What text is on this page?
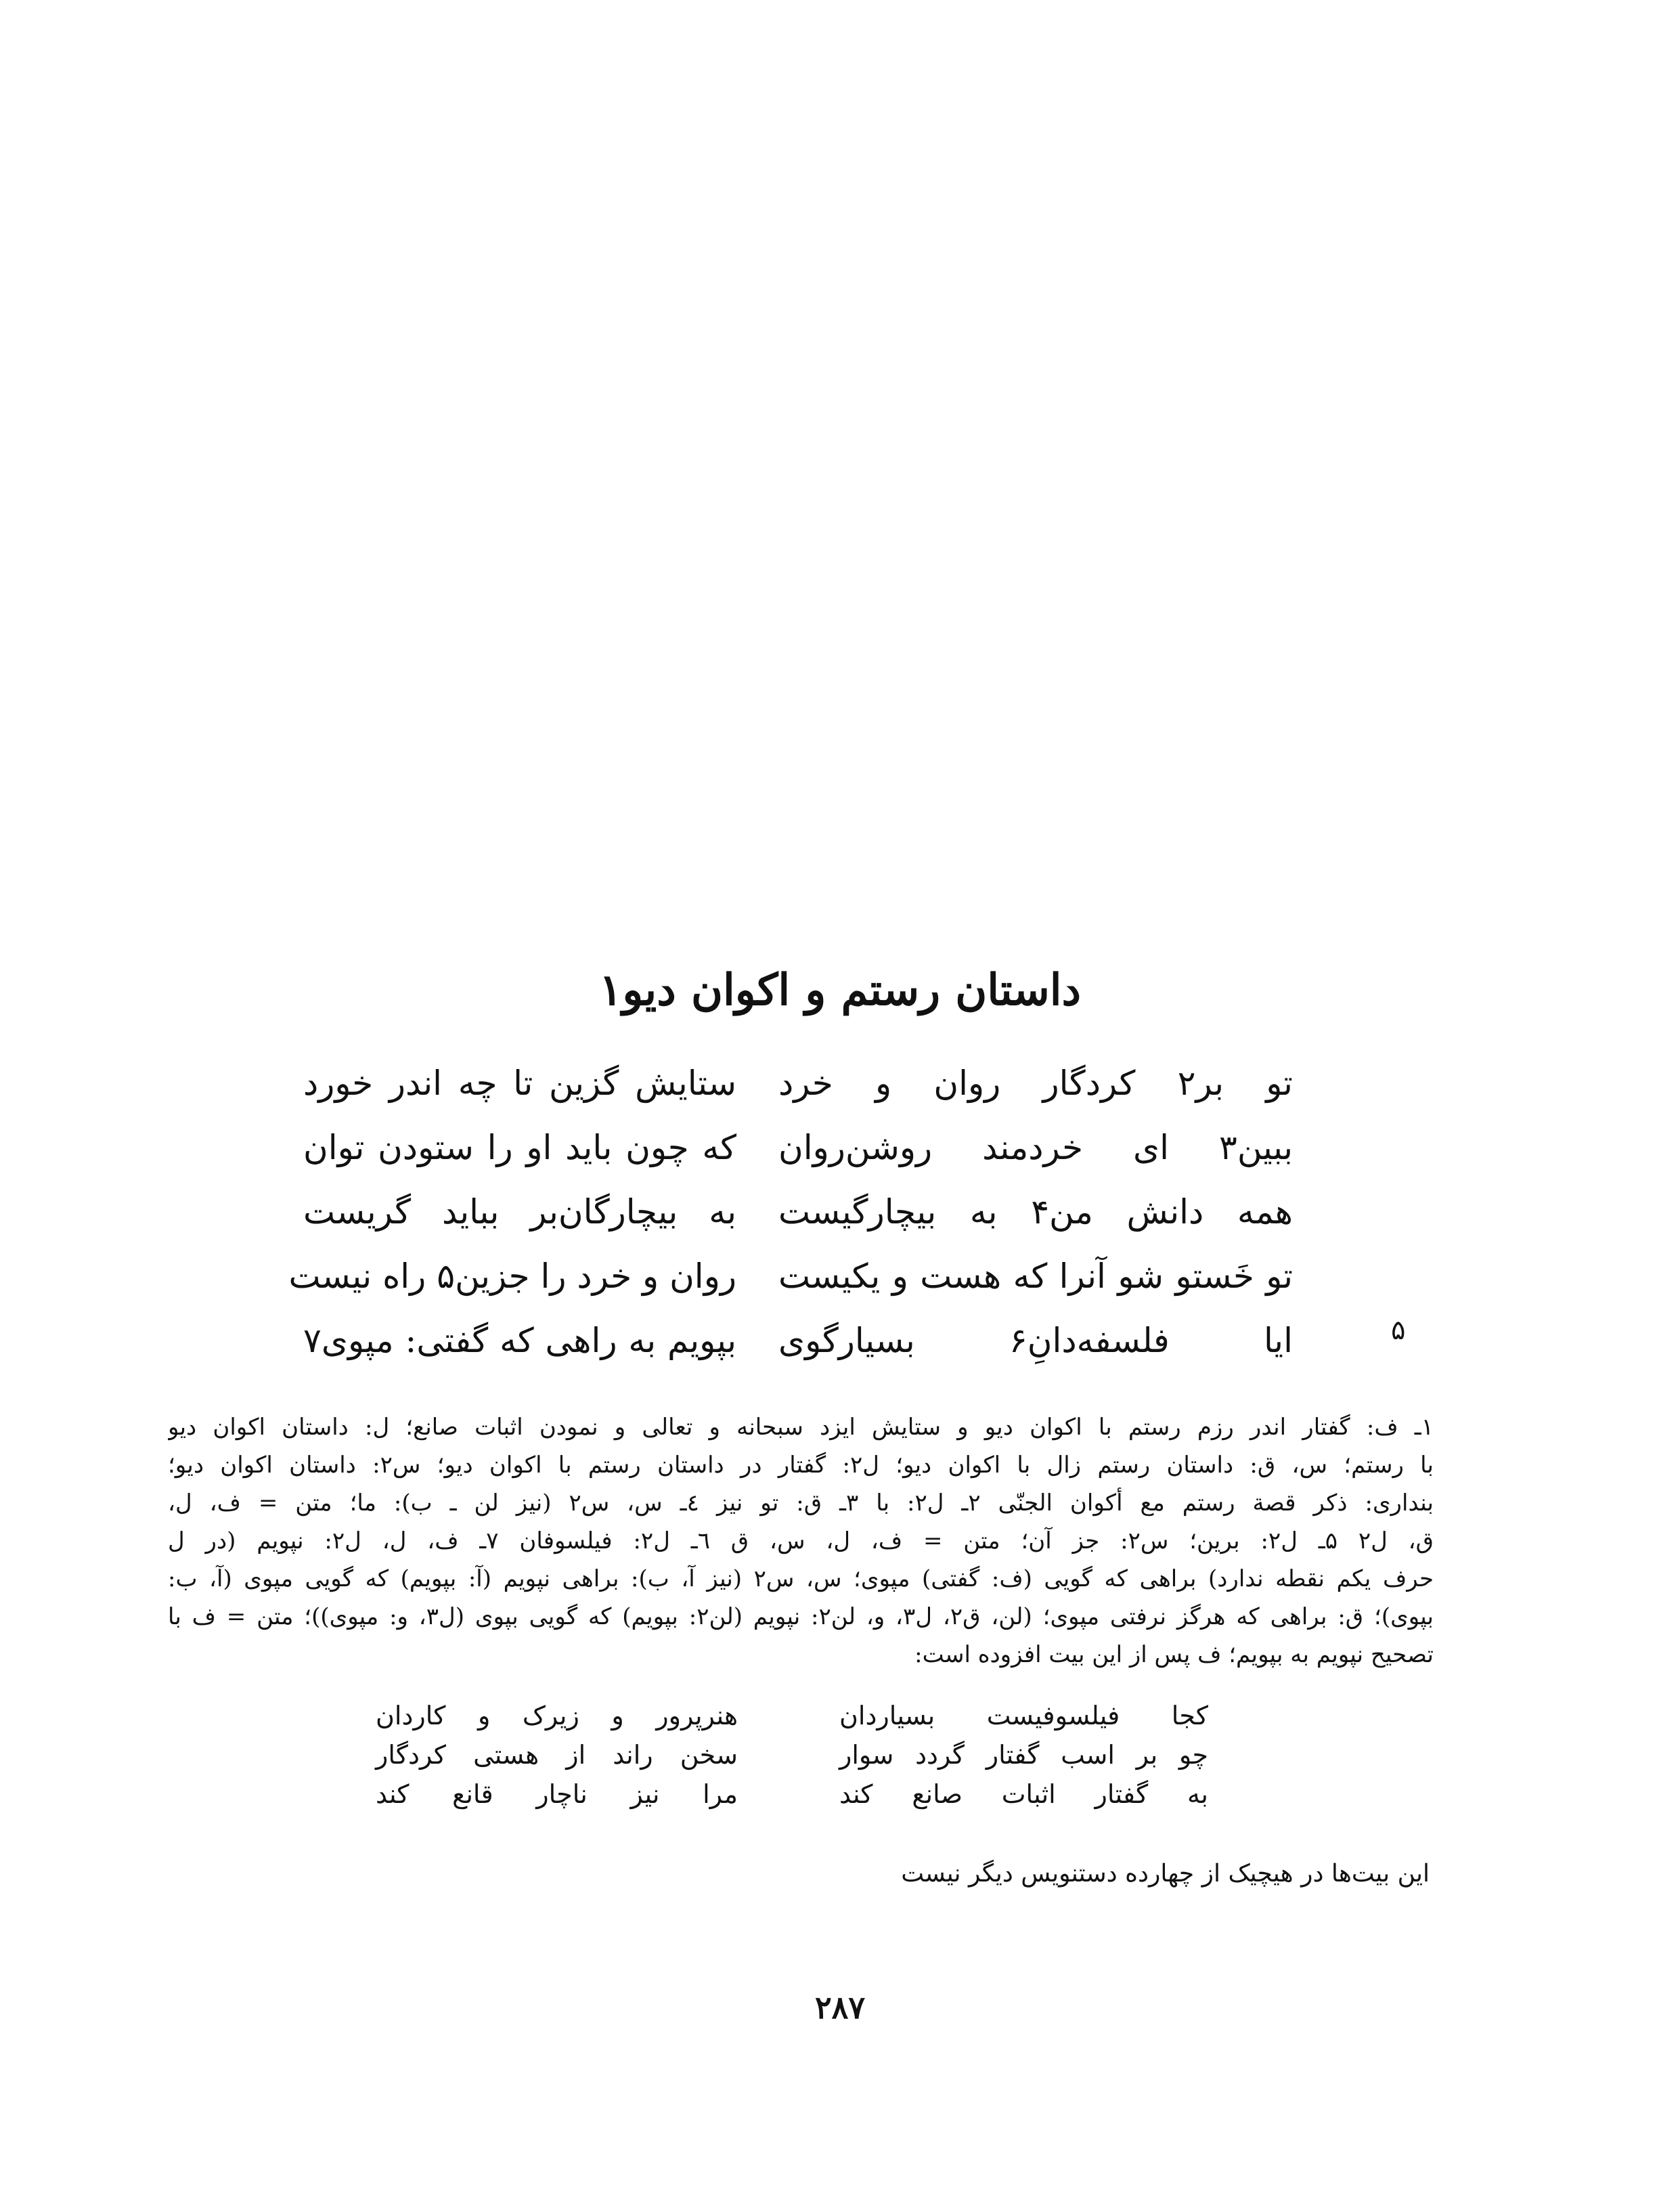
داستان رستم و اکوان دیو۱
تو بر۲ کردگار روان و خرد
ببین۳ ای خردمند روشن‌روان
همه دانش من۴ به بیچارگیست
تو خَستو شو آنرا که هست و یکیست
ایا فلسفه‌دانِ۶ بسیارگوی
ستایش گزین تا چه اندر خورد
که چون باید او را ستودن توان
به بیچارگان‌بر بباید گریست
روان و خرد را جزین۵ راه نیست
بپویم به راهی که گفتی: مپوی۷	۵
۱ـ ف: گفتار اندر رزم رستم با اکوان دیو و ستایش ایزد سبحانه و تعالی و نمودن اثبات صانع؛ ل: داستان اکوان دیو
با رستم؛ س، ق: داستان رستم زال با اکوان دیو؛ ل۲: گفتار در داستان رستم با اکوان دیو؛ س۲: داستان اکوان دیو؛
بنداری: ذکر قصة رستم مع أکوان الجنّی ۲ـ ل۲: با ۳ـ ق: تو نیز ٤ـ س، س۲ (نیز لن ـ ب): ما؛ متن = ف، ل،
ق، ل۲ ۵ـ ل۲: برین؛ س۲: جز آن؛ متن = ف، ل، س، ق ٦ـ ل۲: فیلسوفان ۷ـ ف، ل، ل۲: نپویم (در ل
حرف یکم نقطه ندارد) براهی که گویی (ف: گفتی) مپوی؛ س، س۲ (نیز آ، ب): براهی نپویم (آ: بپویم) که گویی مپوی (آ، ب:
بپوی)؛ ق: براهی که هرگز نرفتی مپوی؛ (لن، ق۲، ل۳، و، لن۲: نپویم (لن۲: بپویم) که گویی بپوی (ل۳، و: مپوی))؛ متن = ف با
تصحیح نپویم به بپویم؛ ف پس از این بیت افزوده است:
کجا فیلسوفیست بسیاردان
چو بر اسب گفتار گردد سوار
به گفتار اثبات صانع کند
هنرپرور و زیرک و کاردان
سخن راند از هستی کردگار
مرا نیز ناچار قانع کند
این بیت‌ها در هیچیک از چهارده دستنویس دیگر نیست
۲۸۷
